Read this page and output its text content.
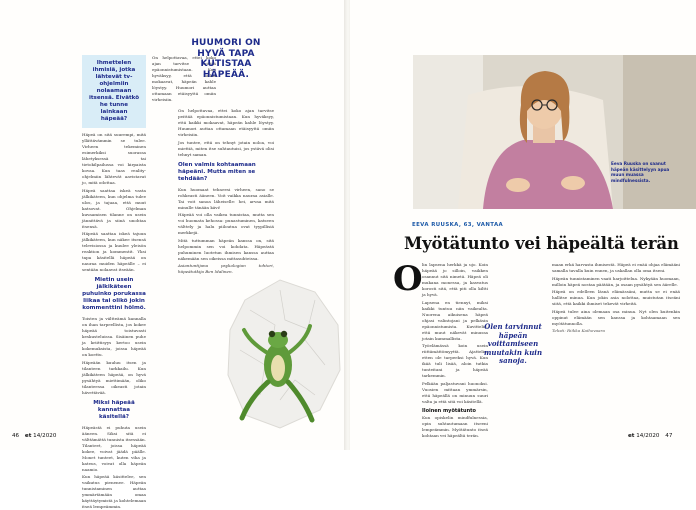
Ihmettelen ihmisiä, jotka lähtevät tv-ohjelmiin nolaamaan itsensä. Eivätkö he tunne lainkaan häpeää?

Häpeä on sitä suurempi, mitä yllättävämmin se tulee. Virheen tekeminen esimerkiksi suorassa lähetyksessä tai tietokilpailussa voi kirpaista kovaa. Kun taas reality-ohjelmiin lähtevät aavistavat jo, mitä odottaa.

Häpeä saattaa iskeä vasta jälkikäteen, kun ohjelma tulee ulos, ja tajuaa, että muut katsovat. Ohjelman kuvaamisen tilanne on usein jännittävä ja siinä unohtaa itsensä.

Häpeää saattaa iskeä tajuun jälkikäteen, kun näkee itsensä televisiossa ja kuulee yleisön reaktion ja kommentit. Yksi tapa käsitellä häpeää on nauraa muiden häpeälle – ei sentään nolaavat itseään.

Mietin usein jälkikäteen puhuinko porukassa liikaa tai olikö jokin kommenttini hölmö.

Toisten ja vältteämä kannalla on ihan tarpeellista, jos kokee häpeää toistuvasti keskusteluissa. Sisäinen puhe ja kriittisyys kertoo usein kokemuksista, joissa häpeää on koettu.

Häpeään kuuluu itsen ja tilanteen tarkkailu. Kun jälkikäteen häpeää, on hyvä pysähtyä miettimään, oliko tilanteessa oikeasti jotain hävettävää.

Miksi häpeää kannattaa käsitellä?

Häpeästä ei puhuta usein ääneen. Siksi sitä ei välttämättä tunnista itsessään. Tilanteet, joissa häpeää kokee, voivat jäädä päälle. Monet tunteet, kuten viha ja kateus, voivat olla häpeän naamio.

Kun häpeää käsittelee, sen vaikutus pienenee. Häpeän tunnistaminen auttaa ymmärtämään omaa käyttäytymistä ja kohtelemaan itseä lempeämmin.

On helpottavaa, ettei koko ajan tarvitse peittää epäonnistumistaan. Kun hyväksyy, että kaikki mokaavat, häpeän kahle löystyy. Huumori auttaa ottamaan etäisyyttä omiin virheisiin.

HUUMORI ON HYVÄ TAPA KUTISTAA HÄPEÄÄ.

On helpottavaa, ettei koko ajan tarvitse peittää epäonnistumistaan. Kun hyväksyy, että kaikki mokaavat, häpeän kahle löystyy. Huumori auttaa ottamaan etäisyyttä omiin virheisiin.

Jos tuntee, että on tehnyt jotain noloa, voi miettiä, miten itse suhtautuisi, jos ystävä olisi tehnyt saman.

Olen valmis kohtaamaan häpeäni. Mutta miten se tehdään?

Kun huomaat tehneesi virheen, sano se rohkeasti ääneen. Voit vaikka nauraa asialle. Tai voit sanoa läheiselle: hei, arvaa mitä minulle tänään kävi!

Häpeää voi olla vaikea tunnistaa, mutta sen voi huomata kehossa: punastuminen, katseen välttely ja halu piiloutua ovat tyypillisiä merkkejä.

Mitä tuttumman häpeän kanssa on, sitä helpommin sen voi kohdata. Häpeästä puhuminen luotetun ihmisen kanssa auttaa näkemään sen oikeissa mittasuhteissa.

Asiantuntijana psykologian tohtori, häpeätutkija Ben Malinen.

46 et 14/2020
Eeva Ruuska on saanut häpeän käsittelyyn apua muun muassa mindfulnessista.
EEVA RUUSKA, 63, VANTAA
Myötätunto vei häpeältä terän
O lin lapsena herkkä ja ujo. Koin häpeää jo silloin, vaikken osannut sitä nimetä. Häpeä oli mukana monessa, ja kasvatus korosti sitä, että piti olla kiltti ja hyvä.

Lapsena en tiennyt, miksi kaikki tuntuu niin vaikealta. Nuorena aikuisena häpeä ohjasi valintojani ja pelkäsin epäonnistumista. Kuvittelin, että muut näkevät minussa jotain kummallista.

Työelämässä koin usein riittämättömyyttä. Ajattelin, etten ole tarpeeksi hyvä. Kun ikää tuli lisää, aloin tutkia tunteitani ja häpeää tarkemmin.

Pelkään paljastuvani huonoksi. Vuosien mittaan ymmärsin, että häpeällä on minuun suuri valta ja että sitä voi käsitellä.

Iloinen myötätunto

Kun opiskelin mindfulnessia, opin suhtautumaan itseeni lempeämmin. Myötätunto itseä kohtaan vei häpeältä terän.

Olen tarvinnut häpeän voittamiseen muutakin kuin sanoja.

maan erkä harvasta ihmisestä. Häpeä ei enää ohjaa elämääni samalla tavalla kuin ennen, ja uskallan olla oma itseni.

Häpeän tunnistaminen vaati harjoittelua. Nykyään huomaan, milloin häpeä nostaa päätään, ja osaan pysähtyä sen äärelle.

Häpeä on edelleen läsnä elämässäni, mutta se ei enää hallitse minua. Kun jokin asia nolottaa, muistutan itseäni siitä, että kaikki ihmiset tekevät virheitä.

Häpeä tulee aina olemaan osa minua. Nyt olen kuitenkin oppinut elämään sen kanssa ja kohtaamaan sen myötätunnolla.

Teksti: Riikka Kaihovaara

et 14/2020 47
